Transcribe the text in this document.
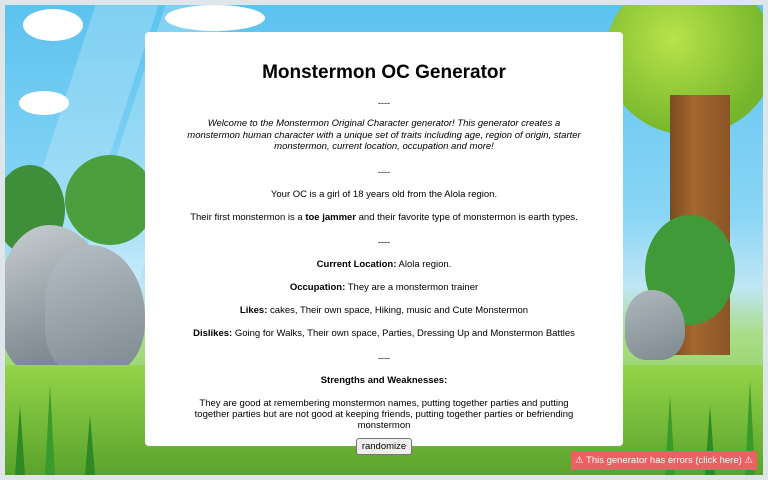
Monstermon OC Generator
----
Welcome to the Monstermon Original Character generator! This generator creates a monstermon human character with a unique set of traits including age, region of origin, starter monstermon, current location, occupation and more!
----
Your OC is a girl of 18 years old from the Alola region.
Their first monstermon is a toe jammer and their favorite type of monstermon is earth types.
----
Current Location: Alola region.
Occupation: They are a monstermon trainer
Likes: cakes, Their own space, Hiking, music and Cute Monstermon
Dislikes: Going for Walks, Their own space, Parties, Dressing Up and Monstermon Battles
----
Strengths and Weaknesses:
They are good at remembering monstermon names, putting together parties and putting together parties but are not good at keeping friends, putting together parties or befriending monstermon
randomize
⚠ This generator has errors (click here) ⚠
